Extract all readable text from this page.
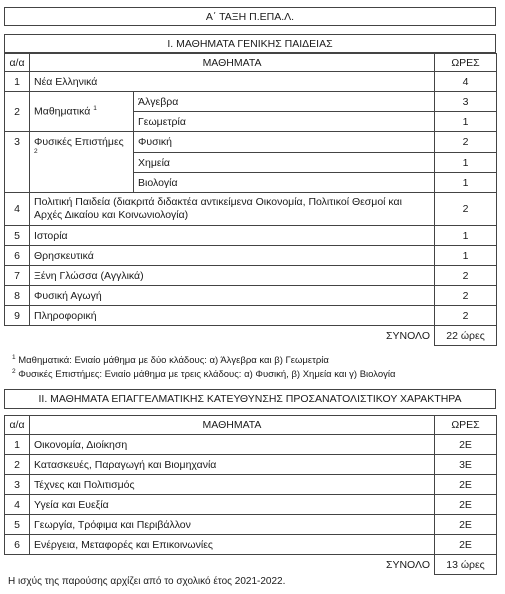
Α΄ ΤΑΞΗ Π.ΕΠΑ.Λ.
Ι. ΜΑΘΗΜΑΤΑ ΓΕΝΙΚΗΣ ΠΑΙΔΕΙΑΣ
α/α	ΜΑΘΗΜΑΤΑ		ΩΡΕΣ
1	Νέα Ελληνικά		4
2	Μαθηματικά $^1$	Άλγεβρα	3
		Γεωμετρία	1
3	Φυσικές Επιστήμες $^2$	Φυσική	2
		Χημεία	1
		Βιολογία	1
4	Πολιτική Παιδεία (διακριτά διδακτέα αντικείμενα Οικονομία, Πολιτικοί Θεσμοί και Αρχές Δικαίου και Κοινωνιολογία)		2
5	Ιστορία		1
6	Θρησκευτικά		1
7	Ξένη Γλώσσα (Αγγλικά)		2
8	Φυσική Αγωγή		2
9	Πληροφορική		2
ΣΥΝΟΛΟ			22 ώρες
$^1$ Μαθηματικά: Ενιαίο μάθημα με δύο κλάδους: α) Άλγεβρα και β) Γεωμετρία
$^2$ Φυσικές Επιστήμες: Ενιαίο μάθημα με τρεις κλάδους: α) Φυσική, β) Χημεία και γ) Βιολογία
ΙΙ. ΜΑΘΗΜΑΤΑ ΕΠΑΓΓΕΛΜΑΤΙΚΗΣ ΚΑΤΕΥΘΥΝΣΗΣ ΠΡΟΣΑΝΑΤΟΛΙΣΤΙΚΟΥ ΧΑΡΑΚΤΗΡΑ
α/α	ΜΑΘΗΜΑΤΑ	ΩΡΕΣ
1	Οικονομία, Διοίκηση	2Ε
2	Κατασκευές, Παραγωγή και Βιομηχανία	3Ε
3	Τέχνες και Πολιτισμός	2Ε
4	Υγεία και Ευεξία	2Ε
5	Γεωργία, Τρόφιμα και Περιβάλλον	2Ε
6	Ενέργεια, Μεταφορές και Επικοινωνίες	2Ε
ΣΥΝΟΛΟ		13 ώρες
Η ισχύς της παρούσης αρχίζει από το σχολικό έτος 2021-2022.
